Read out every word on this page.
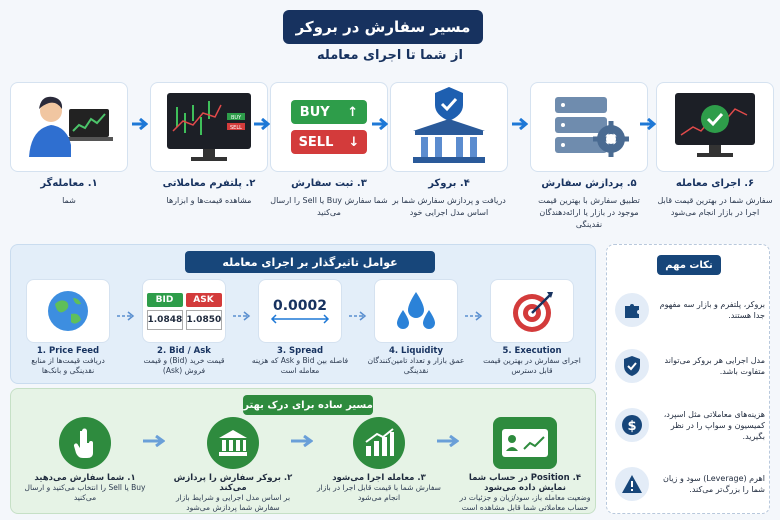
مسیر سفارش در بروکر
از شما تا اجرای معامله
۱. معامله‌گر
شما
BUY
SELL
۲. پلتفرم معاملاتی
مشاهده قیمت‌ها و ابزارها
BUY ↑
SELL ↓
۳. ثبت سفارش
شما سفارش Buy یا Sell را ارسال می‌کنید
۴. بروکر
دریافت و پردازش سفارش شما بر اساس مدل اجرایی خود
۵. پردازش سفارش
تطبیق سفارش با بهترین قیمت موجود در بازار یا ارائه‌دهندگان نقدینگی
۶. اجرای معامله
سفارش شما در بهترین قیمت قابل اجرا در بازار انجام می‌شود
عوامل تاثیرگذار بر اجرای معامله
1. Price Feed
دریافت قیمت‌ها از منابع نقدینگی و بانک‌ها
BID
1.0848
ASK
1.0850
2. Bid / Ask
قیمت خرید (Bid) و قیمت فروش (Ask)
0.0002
3. Spread
فاصله بین Bid و Ask که هزینه معامله است
4. Liquidity
عمق بازار و تعداد تامین‌کنندگان نقدینگی
5. Execution
اجرای سفارش در بهترین قیمت قابل دسترس
مسیر ساده برای درک بهتر
۱. شما سفارش می‌دهید
Buy یا Sell را انتخاب می‌کنید و ارسال می‌کنید
۲. بروکر سفارش را پردازش می‌کند
بر اساس مدل اجرایی و شرایط بازار سفارش شما پردازش می‌شود
۳. معامله اجرا می‌شود
سفارش شما با قیمت قابل اجرا در بازار انجام می‌شود
۴. Position در حساب شما نمایش داده می‌شود
وضعیت معامله باز، سود/زیان و جزئیات در حساب معاملاتی شما قابل مشاهده است
نکات مهم
بروکر، پلتفرم و بازار سه مفهوم جدا هستند.
مدل اجرایی هر بروکر می‌تواند متفاوت باشد.
$
هزینه‌های معاملاتی مثل اسپرد، کمیسیون و سواپ را در نظر بگیرید.
اهرم (Leverage) سود و زیان شما را بزرگ‌تر می‌کند.
